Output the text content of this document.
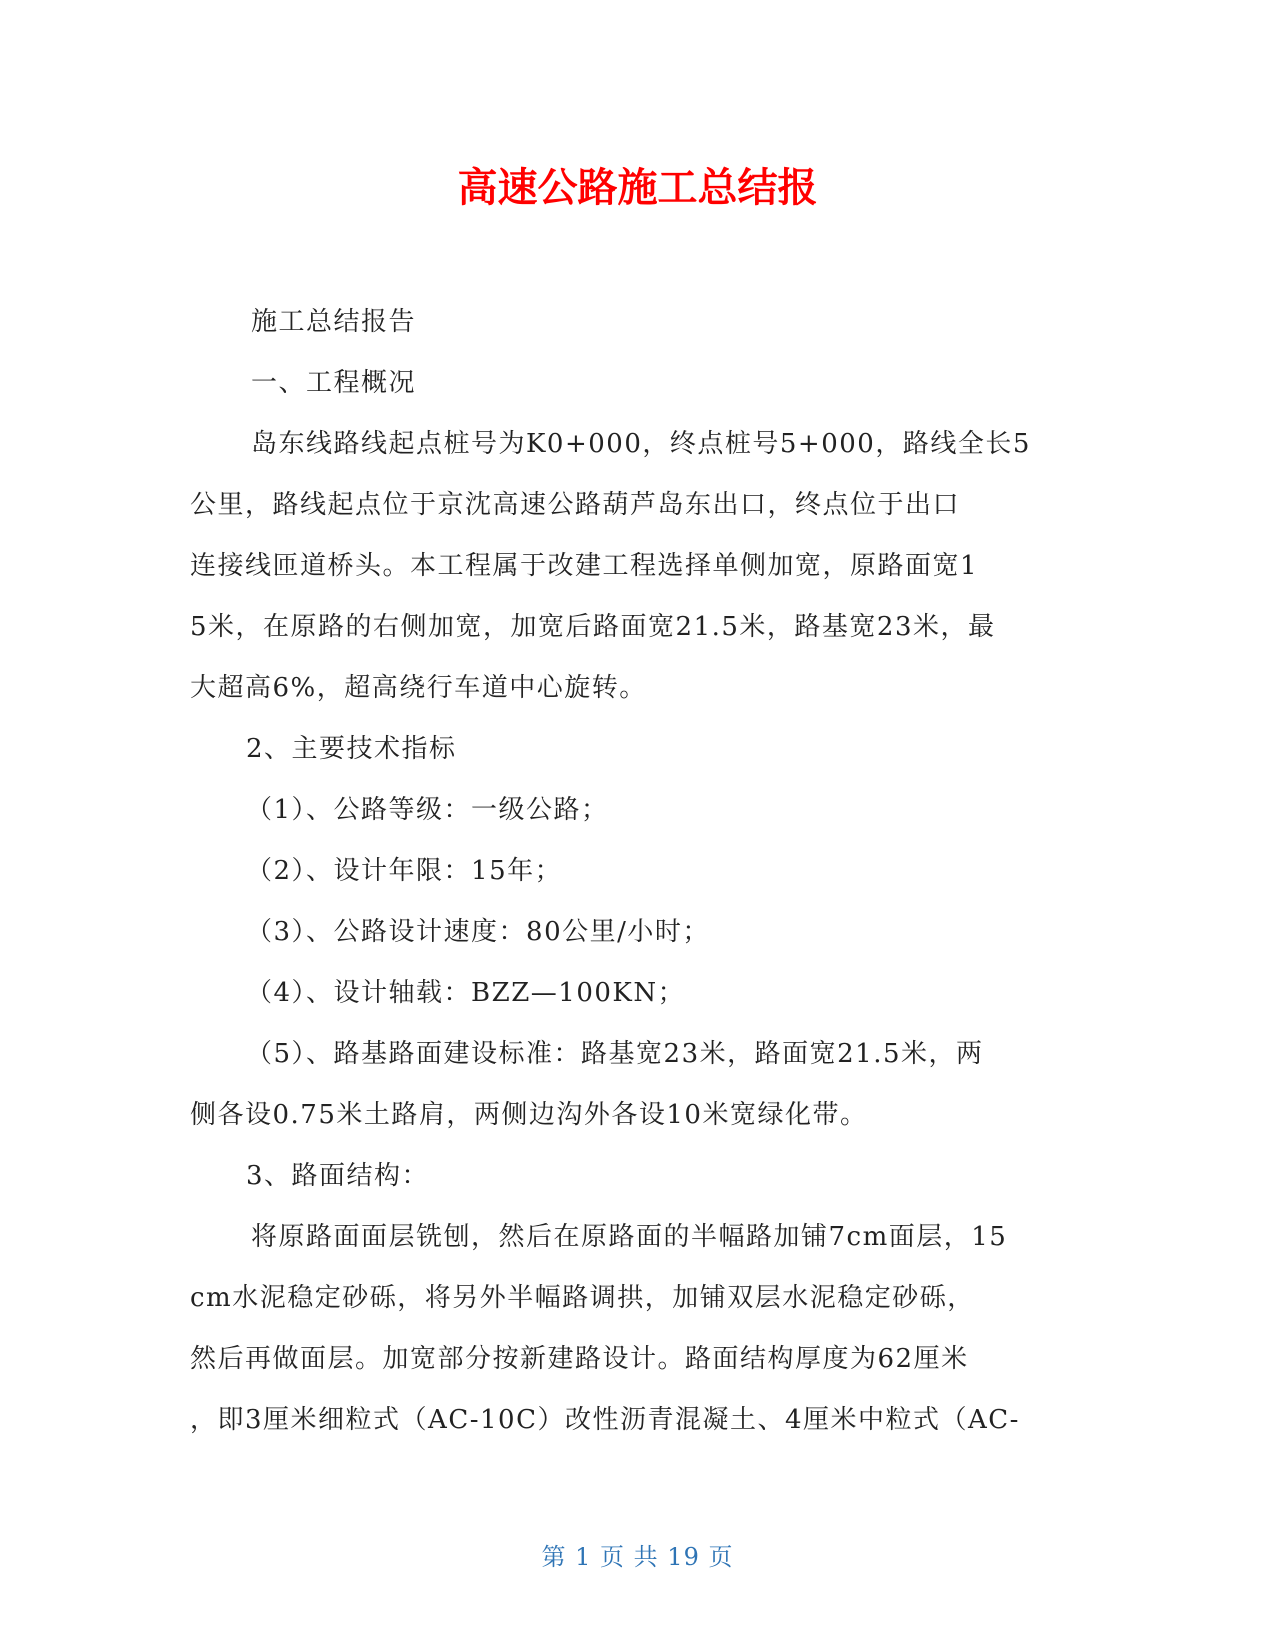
高速公路施工总结报

施工总结报告

一、工程概况

岛东线路线起点桩号为K0+000，终点桩号5+000，路线全长5

公里，路线起点位于京沈高速公路葫芦岛东出口，终点位于出口

连接线匝道桥头。本工程属于改建工程选择单侧加宽，原路面宽1

5米，在原路的右侧加宽，加宽后路面宽21.5米，路基宽23米，最

大超高6%，超高绕行车道中心旋转。

2、主要技术指标

（1）、公路等级：一级公路；

（2）、设计年限：15年；

（3）、公路设计速度：80公里/小时；

（4）、设计轴载：BZZ—100KN；

（5）、路基路面建设标准：路基宽23米，路面宽21.5米，两

侧各设0.75米土路肩，两侧边沟外各设10米宽绿化带。

3、路面结构：

将原路面面层铣刨，然后在原路面的半幅路加铺7cm面层，15

cm水泥稳定砂砾，将另外半幅路调拱，加铺双层水泥稳定砂砾，

然后再做面层。加宽部分按新建路设计。路面结构厚度为62厘米

，即3厘米细粒式（AC-10C）改性沥青混凝土、4厘米中粒式（AC-

第 1 页 共 19 页
